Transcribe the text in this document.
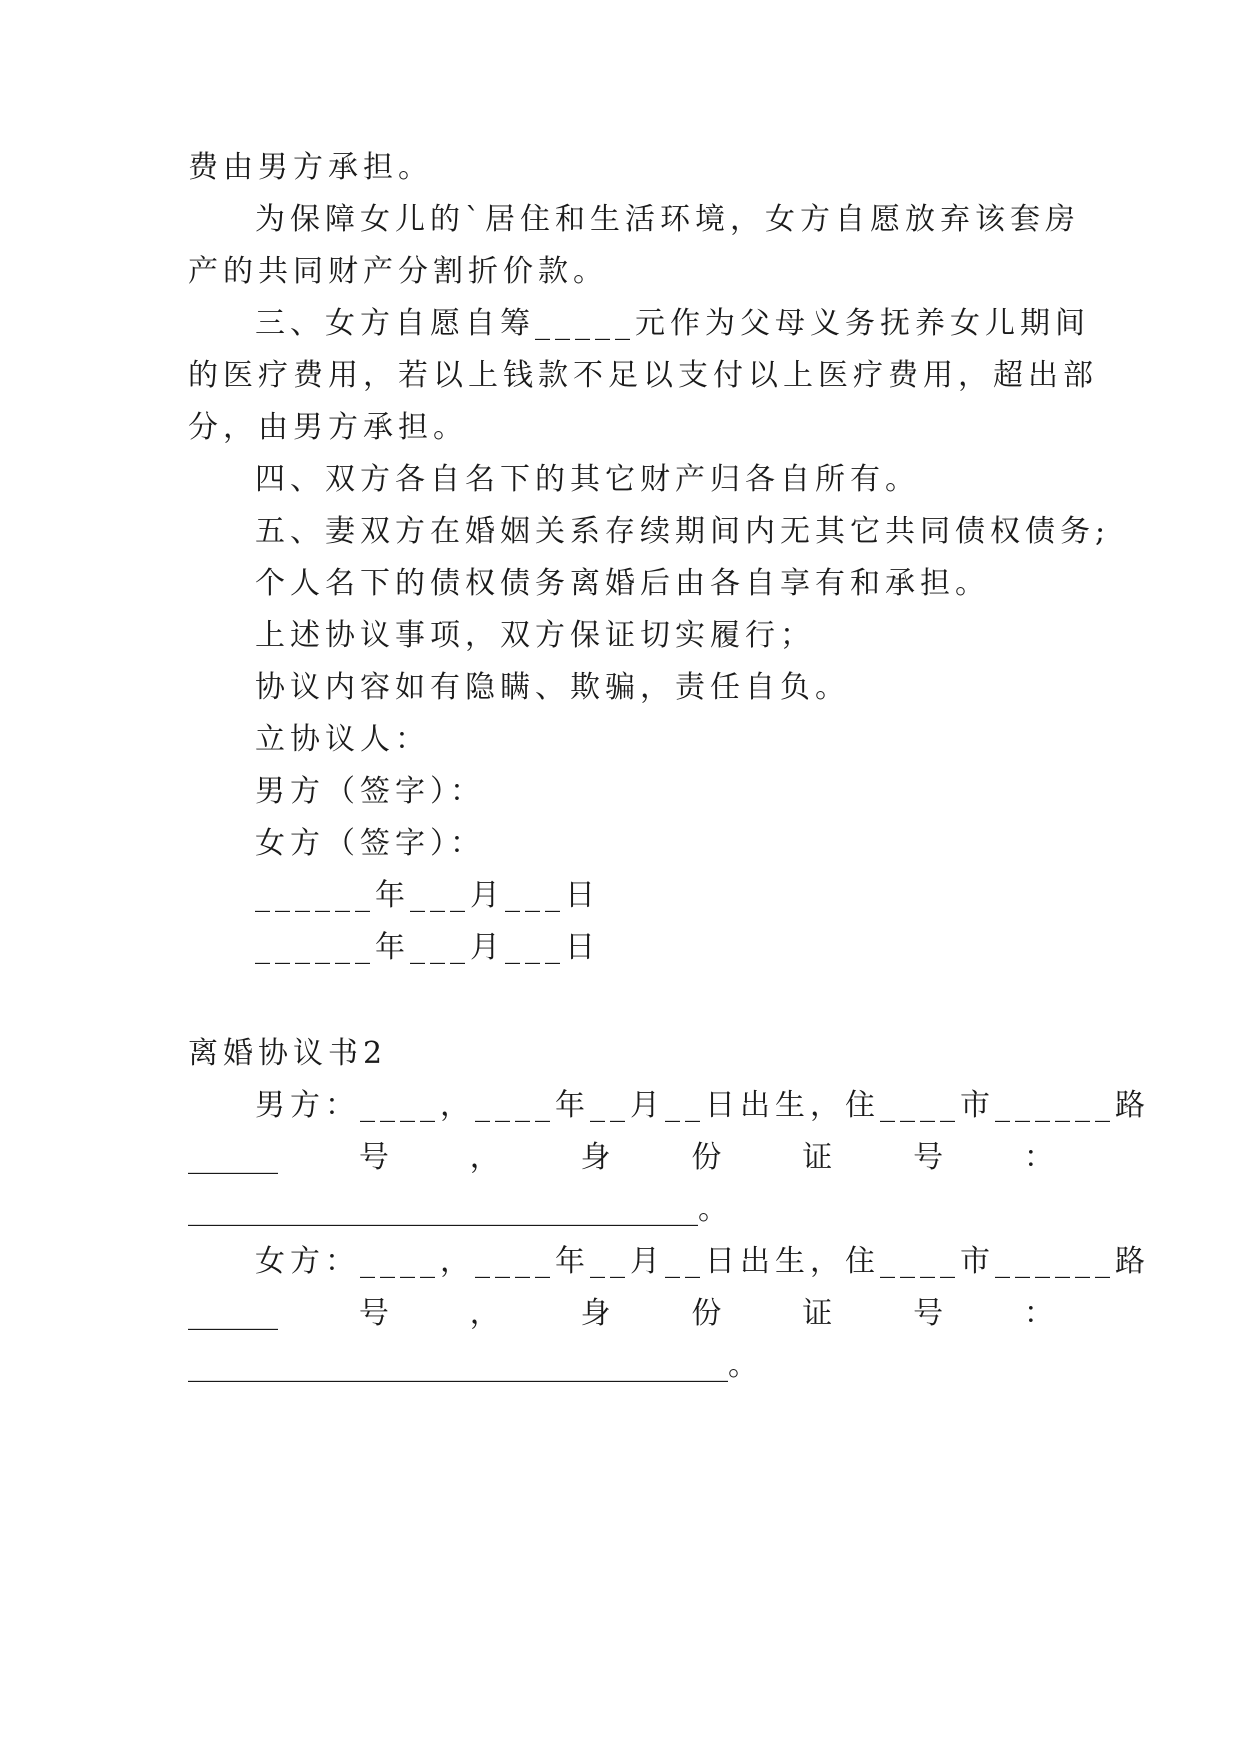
费由男方承担。
为保障女儿的`居住和生活环境，女方自愿放弃该套房
产的共同财产分割折价款。
三、女方自愿自筹_____元作为父母义务抚养女儿期间
的医疗费用，若以上钱款不足以支付以上医疗费用，超出部
分，由男方承担。
四、双方各自名下的其它财产归各自所有。
五、妻双方在婚姻关系存续期间内无其它共同债权债务;
个人名下的债权债务离婚后由各自享有和承担。
上述协议事项，双方保证切实履行；
协议内容如有隐瞒、欺骗，责任自负。
立协议人：
男方（签字）：
女方（签字）：
______年___月___日
______年___月___日
离婚协议书2
男方：____，____年__月__日出生，住____市______路
______	号	，	身	份	证	号	：
__________________________________。
女方：____，____年__月__日出生，住____市______路
______	号	，	身	份	证	号	：
____________________________________。
